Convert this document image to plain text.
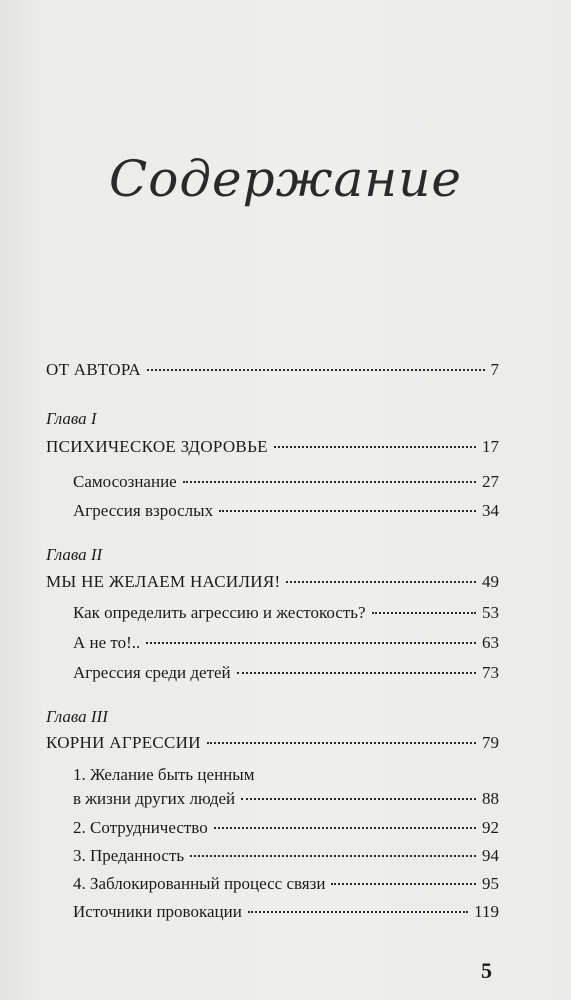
Содержание
ОТ АВТОРА	7
Глава I
ПСИХИЧЕСКОЕ ЗДОРОВЬЕ	17
Самосознание	27
Агрессия взрослых	34
Глава II
МЫ НЕ ЖЕЛАЕМ НАСИЛИЯ!	49
Как определить агрессию и жестокость?	53
А не то!..	63
Агрессия среди детей	73
Глава III
КОРНИ АГРЕССИИ	79
1. Желание быть ценным
в жизни других людей	88
2. Сотрудничество	92
3. Преданность	94
4. Заблокированный процесс связи	95
Источники провокации	119
5
